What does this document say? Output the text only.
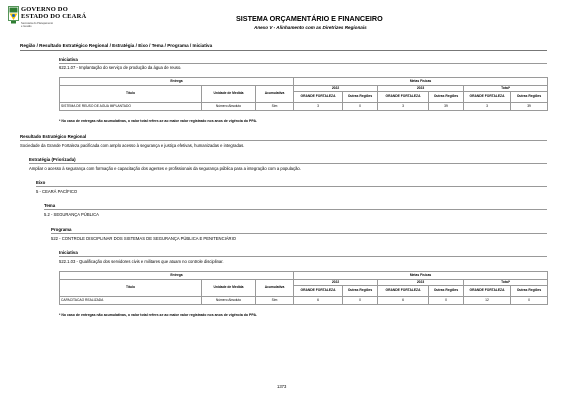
GOVERNO DO
ESTADO DO CEARÁ
Secretaria do Planejamento
e Gestão
SISTEMA ORÇAMENTÁRIO E FINANCEIRO
Anexo V - Alinhamento com as Diretrizes Regionais
Região / Resultado Estratégico Regional / Estratégia / Eixo / Tema / Programa / Iniciativa
Iniciativa
622.1.07 - Implantação do serviço de produção da água de reuso.
Entrega			Metas Físicas					
Título	Unidade de Medida	Acumulativa	2022		2023		Total*	
			GRANDE FORTALEZA	Outras Regiões	GRANDE FORTALEZA	Outras Regiões	GRANDE FORTALEZA	Outras Regiões
SISTEMA DE REUSO DE AGUA IMPLANTADO	Número Absoluto	Sim	3	0	3	39	3	39
* No caso de entregas não acumulativas, o valor total refere-se ao maior valor registrado nos anos de vigência do PPA.
Resultado Estratégico Regional
Sociedade da Grande Fortaleza pacificada com amplo acesso à segurança e justiça efetivas, humanizadas e integradas.
Estratégia (Priorizada)
Ampliar o acesso à segurança com formação e capacitação dos agentes e profissionais da segurança pública para a integração com a população.
Eixo
5 - CEARÁ PACÍFICO
Tema
5.2 - SEGURANÇA PÚBLICA
Programa
522 - CONTROLE DISCIPLINAR DOS SISTEMAS DE SEGURANÇA PÚBLICA E PENITENCIÁRIO
Iniciativa
522.1.03 - Qualificação dos servidores civis e militares que atuam no controle disciplinar.
Entrega			Metas Físicas					
Título	Unidade de Medida	Acumulativa	2022		2023		Total*	
			GRANDE FORTALEZA	Outras Regiões	GRANDE FORTALEZA	Outras Regiões	GRANDE FORTALEZA	Outras Regiões
CAPACITACAO REALIZADA	Número Absoluto	Sim	6	0	6	0	12	0
* No caso de entregas não acumulativas, o valor total refere-se ao maior valor registrado nos anos de vigência do PPA.
1373
